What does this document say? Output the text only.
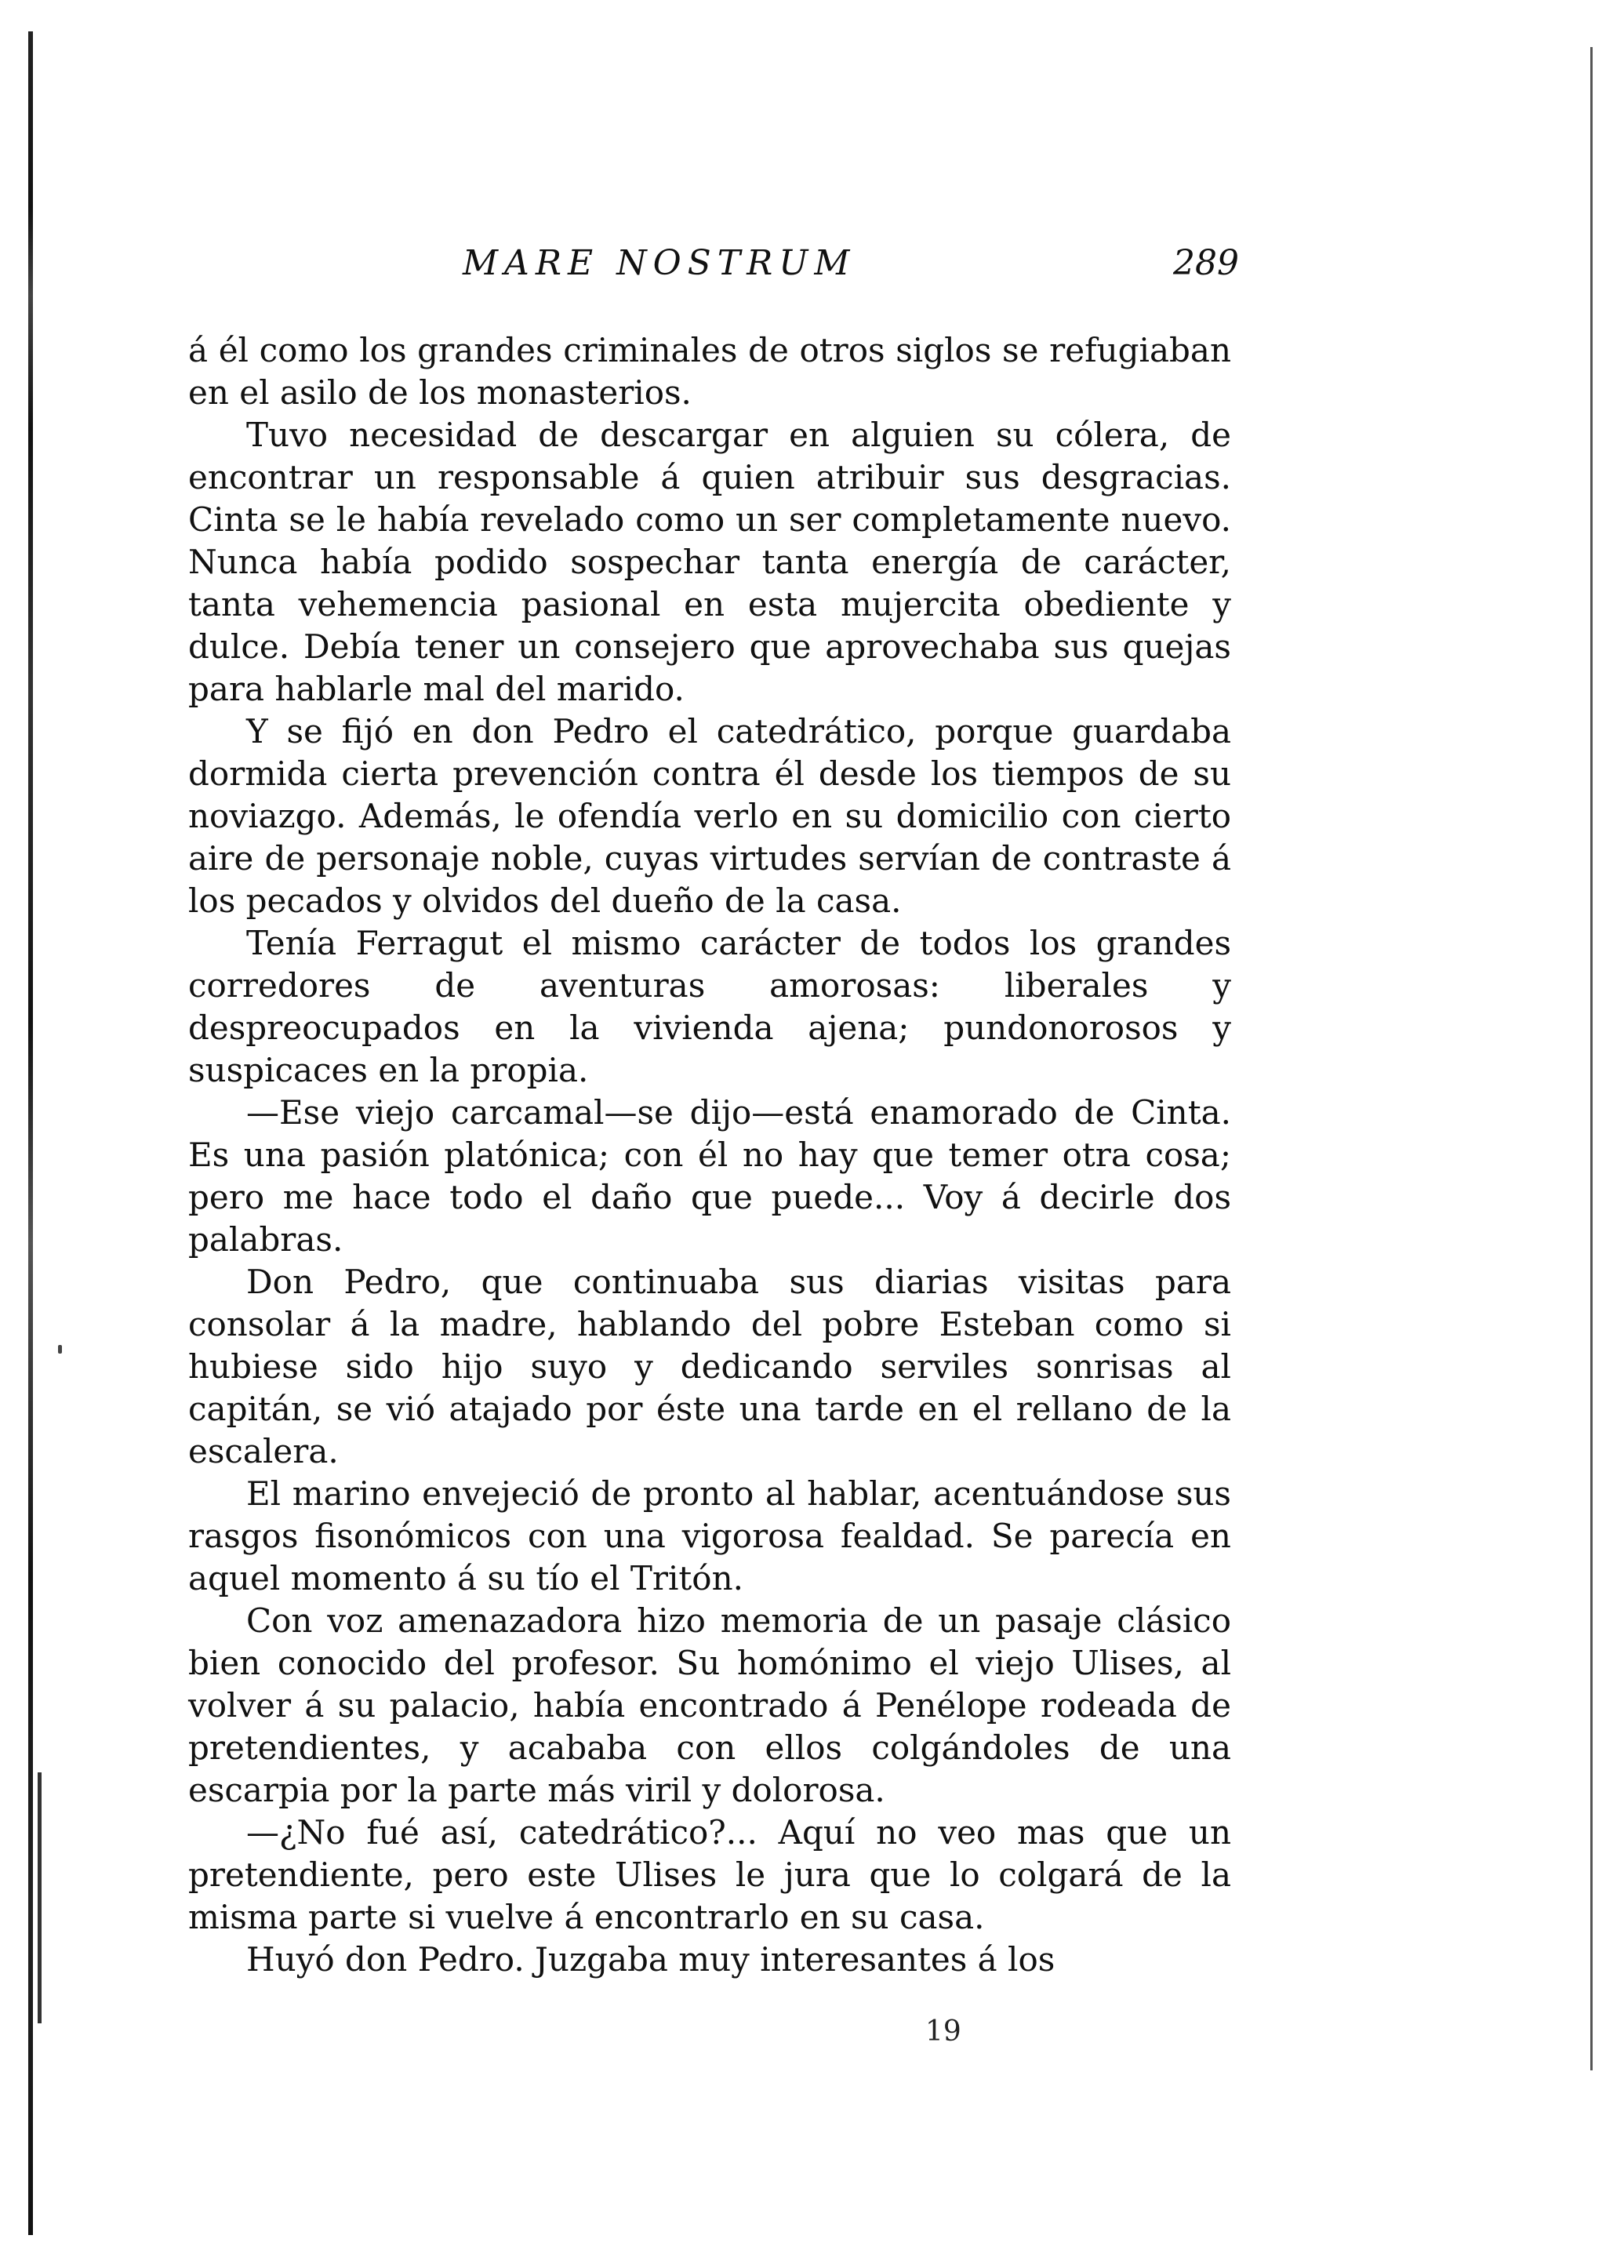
MARE NOSTRUM	289

á él como los grandes criminales de otros siglos se refugiaban en el asilo de los monasterios.

Tuvo necesidad de descargar en alguien su cólera, de encontrar un responsable á quien atribuir sus desgracias. Cinta se le había revelado como un ser completamente nuevo. Nunca había podido sospechar tanta energía de carácter, tanta vehemencia pasional en esta mujercita obediente y dulce. Debía tener un consejero que aprovechaba sus quejas para hablarle mal del marido.

Y se fijó en don Pedro el catedrático, porque guardaba dormida cierta prevención contra él desde los tiempos de su noviazgo. Además, le ofendía verlo en su domicilio con cierto aire de personaje noble, cuyas virtudes servían de contraste á los pecados y olvidos del dueño de la casa.

Tenía Ferragut el mismo carácter de todos los grandes corredores de aventuras amorosas: liberales y despreocupados en la vivienda ajena; pundonorosos y suspicaces en la propia.

—Ese viejo carcamal—se dijo—está enamorado de Cinta. Es una pasión platónica; con él no hay que temer otra cosa; pero me hace todo el daño que puede... Voy á decirle dos palabras.

Don Pedro, que continuaba sus diarias visitas para consolar á la madre, hablando del pobre Esteban como si hubiese sido hijo suyo y dedicando serviles sonrisas al capitán, se vió atajado por éste una tarde en el rellano de la escalera.

El marino envejeció de pronto al hablar, acentuándose sus rasgos fisonómicos con una vigorosa fealdad. Se parecía en aquel momento á su tío el Tritón.

Con voz amenazadora hizo memoria de un pasaje clásico bien conocido del profesor. Su homónimo el viejo Ulises, al volver á su palacio, había encontrado á Penélope rodeada de pretendientes, y acababa con ellos colgándoles de una escarpia por la parte más viril y dolorosa.

—¿No fué así, catedrático?... Aquí no veo mas que un pretendiente, pero este Ulises le jura que lo colgará de la misma parte si vuelve á encontrarlo en su casa.

Huyó don Pedro. Juzgaba muy interesantes á los

19
